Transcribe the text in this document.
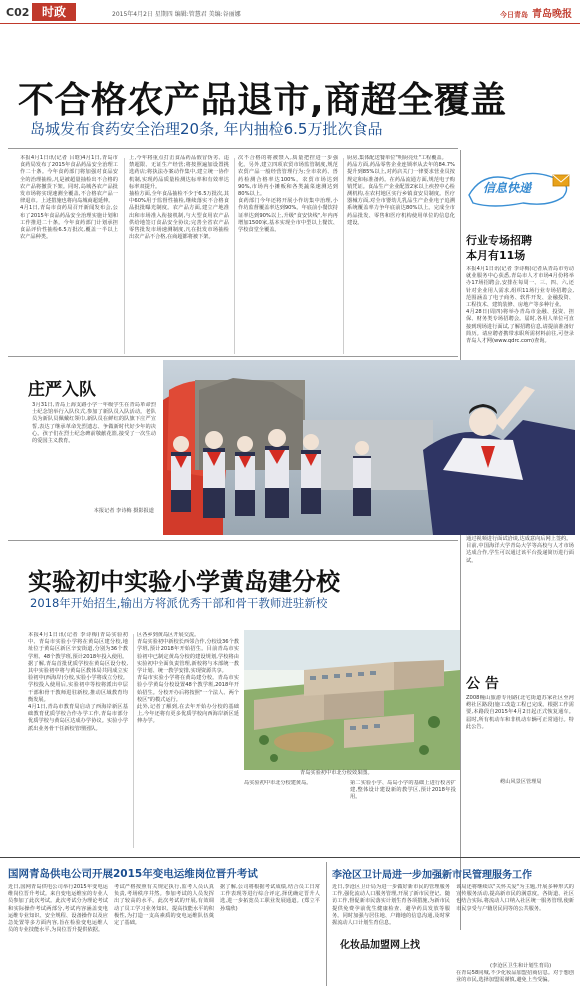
C02	时政	2015年4月2日 星期四 编辑:管慧君 美编:谷丽娜	今日青岛 青岛晚报
不合格农产品退市,商超全覆盖
岛城发布食药安全治理20条, 年内抽检6.5万批次食品

本报4月1日讯(记者 吕晗)4月1日,青岛市食药局发布了2015年食品药品安全治理工作二十条。今年食药部门将加强对食品安全的治理抽检,凡是被超量抽检出不合格的农产品将撤货下架。同时,岛城各农产品批发市场将实现速测全覆盖,不合格农产品一律退市。上述措施也将向岛城商超延伸。

4月1日,青岛市食药局召开新闻发布会,公布了2015年食品药品安全治理实施计划和工作推进二十条。今年食药部门计划承担食品评价性抽检6.5万批次,覆盖一半以上农产品种类。

上,今年将重点打击食品药品假冒伪劣、违禁超限、无证生产经营;将按照遍加设置挑选药店;将执法办案动作集中,建立统一协作机制,实现药品质量检测达标率和有效率达标率双提升。

抽检方面,全年食品抽检不少于6.5万批次,其中60%用于监督性抽检,继续落实不合格食品批批曝光制度。农产品方面,建立产地准出和市场准入衔接机制,与大型食用农产品供给地签订食品安全协议;完善全省农产品零售批发市场速测制度,凡在批发市场抽检出农产品不合格,在商超都将被下架。

次不合格的将被禁入,质量把控进一步强化。另外,建立四项农贸市场监管制度,规范农贸产品一般经营管理行为;全市农药、兽药检测合格率达100%。农贸市场达到90%,市场内小摊贩和各类蔬菜速测达到80%以上。

食药部门今年还将开展小作坊集中治理,小作坊监督覆盖率达到90%。年底前小餐饮持证率达到90%以上,升级"食安快线",年内再增加1500家,基本实现全市中型以上餐饮、学校食堂全覆盖。

厨房,集体配送餐单位"明厨亮灶"工程覆盖。

药品方面,药品零售企业连锁率从去年的84.7%提升到85%以上,对药店关门一律要求营业员按规定和标准备药。在药品流通方面,规范电子购销凭证。食品生产企业配置2家以上疾控中心检测机构,在农村地区实行乡镇食安员制度。医疗器械方面,对全市婴幼儿乳品生产企业电子追溯系统覆盖率力争年底前达80%以上。完成全市药品批发、零售和医疗机构使用单位的信息化建设。

信息快递
行业专场招聘
本月有11场

本报4月1日讯(记者 李诗梅)记者从青岛市劳动就业服务中心获悉,青岛市人才市场4月份将举办17场招聘会,安排在每周一、三、四、六,还针对企业用人需求,组织11场行业专场招聘会,范围涵盖了电子商务、软件开发、金融投资、工程技术、建筑装修、房地产等多种行业。

4月28日(周四)将举办青岛市金融、投资、担保、财务类专场招聘会。届时,各用人单位可直接到现场进行面试,了解招聘信息,请提前准备好简历。请应聘者携带求职所需材料前往,可登录青岛人才网(www.qdrc.com)查询。

通过视频进行面试洽谈,达成意向后网上签约。

目前,中国海洋大学青岛大学等高校与人才市场达成合作,学生可以通过该平台投递简历进行面试。

公 告

Z008幢山旅游专用路(北宅街道苏家社区至河崂社区路段)施工改造工程已完成。根据工作需要,本路段自2015年4月2日起正式恢复通车。届时,所有机动车和非机动车辆可正常通行。特此公告。

崂山风景区管理局
庄严入队

3月31日,青岛上海支路小学一年级学生在青岛革命烈士纪念馆举行入队仪式,参加了新队员入队活动。老队员为新队员佩戴红领巾,新队员在鲜红的队旗下庄严宣誓,表达了继承革命先烈遗志、争做新时代好少年的决心。孩子们在烈士纪念碑前敬献花篮,接受了一次生动的爱国主义教育。

本报记者 李诗梅 摄影报道
实验初中实验小学黄岛建分校
2018年开始招生,输出方将派优秀干部和骨干教师进驻新校

本报4月1日讯(记者 李诗梅)青岛实验初中、青岛市实验小学将在黄岛区建分校,地址位于黄岛区新区辛安街道,分别为36个教学班、48个教学班,预计2018年投入使用。

据了解,青岛首批优质学校在黄岛区设分校,其中实验初中将与黄岛区教体局共同成立实验初中(西海岸)分校,实验小学将成立分校。学校投入使用后,实验初中等校将派出中层干部和骨干教师进驻新校,推动区域教育均衡发展。

4月1日,青岛市教育局启动了西海岸新区基础教育优质学校合作办学工作,青岛市部分优质学校与黄岛区达成办学协议。实验小学派出业务骨干任新校管理团队。

区各乡到黄岛区开展交流。

青岛实验初中新校长西邻合作,分校设36个教学班,预计2018年开始招生。目前青岛市实验初中已制定黄岛分校的建设规划,学校将由实验初中全面负责管理,新校将与本部统一教学计划、统一教学安排,实现资源共享。

青岛市实验小学将在黄岛建分校。青岛市实验小学黄岛分校设置48个教学班,2018年开始招生。分校开办后将按照"一个法人、两个校区"的模式运行。

此外,记者了解到,在去年开始办分校的基础上,今年还将有更多优质学校向西海岸新区延伸办学。

青岛实验初中市北分校效果图。

岛实验初中市北分校建黄岛。	第二实验小学、岛岛小学的基础上进行校舍扩建,整体设计建设新的教学区,预计2018年投用。

国网青岛供电公司开展2015年变电运维岗位晋升考试

近日,国网青岛供电公司举行2015年变电运维岗位晋升考试。来自变电运维室的专业人员参加了此次考试。此次考试分为理论考试和实际操作考试两部分,考试内容涵盖变电运维专业知识、安全规程、设备操作以及应急处置等多方面内容,旨在检验变电运维人员的专业技能水平,为岗位晋升提供依据。

考试严格按照有关规定执行,监考人员认真负责,考场秩序井然。参加考试的人员发挥出了较高的水平。此次考试的开展,有效调动了员工学习业务知识、提高技能水平的积极性,为打造一支高素质的变电运维队伍奠定了基础。

据了解,公司将根据考试成绩,结合员工日常工作表现等进行综合评定,择优确定晋升人选,进一步拓宽员工职业发展通道。(郑立平 孙瑞欣)

李沧区卫计局进一步加强新市民管理服务工作

近日,李沧区卫计局为进一步做好新市民的管理服务工作,强化流动人口服务管理,开展了新市民登记、随访工作,督促新市民落实计划生育各项措施,为新市民提供免费孕前优生健康检查、避孕药具发放等服务。同时加强与居住地、户籍地的信息沟通,及时掌握流动人口计划生育信息。

该局还将继续以"关怀关爱"为主题,开展多种形式的宣传服务活动,提高新市民的满意度。各街道、社区也结合实际,将流动人口纳入社区统一服务管理,使新市民享受与户籍居民同等的公共服务。

(李沧区卫生和计划生育局)
化妆品加盟网上找

在青岛58同城,不少化妆品加盟招商信息。对于想创业的市民,选择加盟需谨慎,避免上当受骗。
